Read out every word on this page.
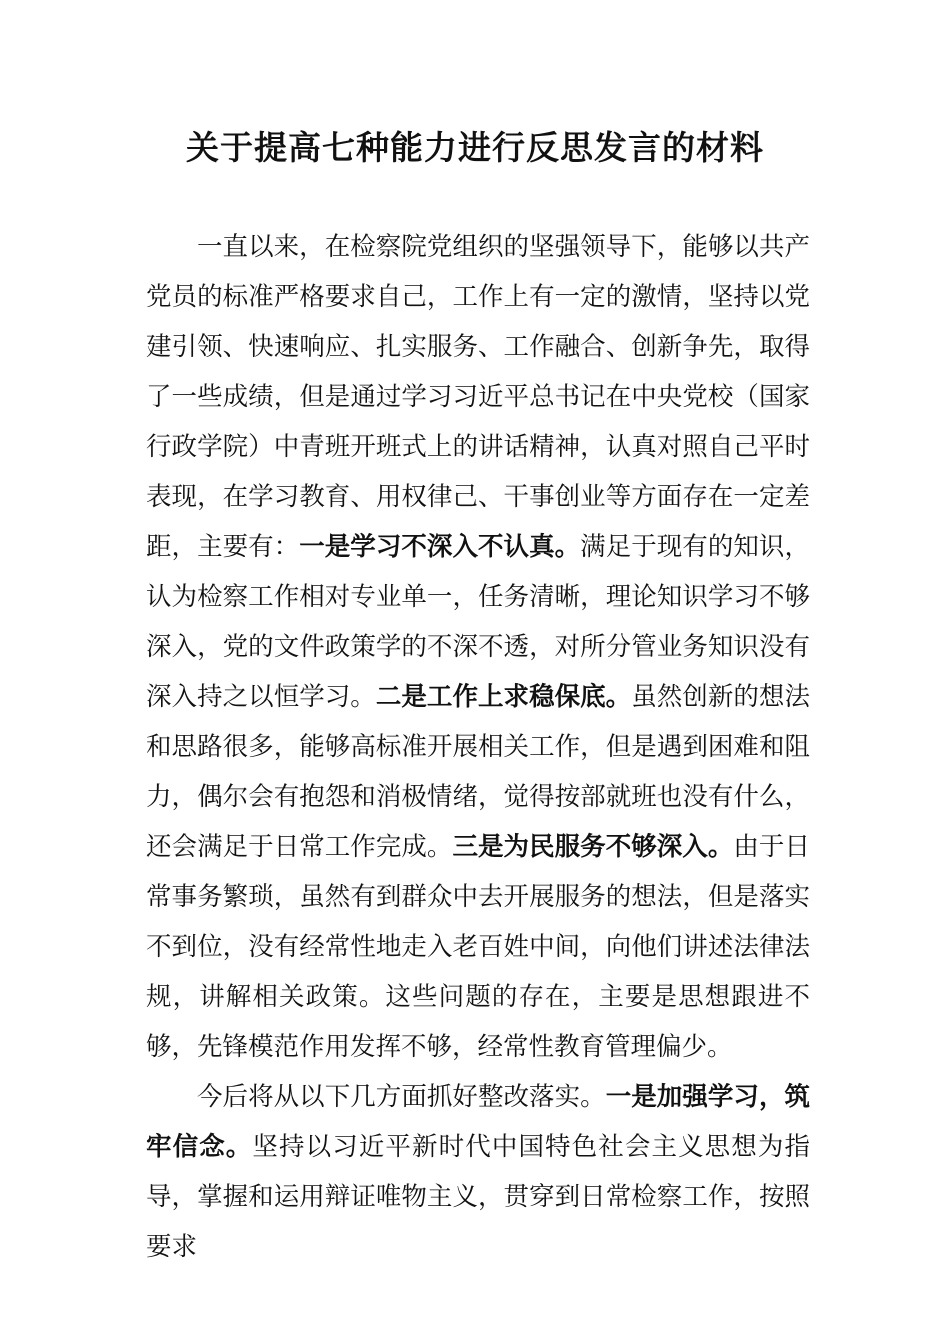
关于提高七种能力进行反思发言的材料

一直以来，在检察院党组织的坚强领导下，能够以共产党员的标准严格要求自己，工作上有一定的激情，坚持以党建引领、快速响应、扎实服务、工作融合、创新争先，取得了一些成绩，但是通过学习习近平总书记在中央党校（国家行政学院）中青班开班式上的讲话精神，认真对照自己平时表现，在学习教育、用权律己、干事创业等方面存在一定差距，主要有：一是学习不深入不认真。满足于现有的知识，认为检察工作相对专业单一，任务清晰，理论知识学习不够深入，党的文件政策学的不深不透，对所分管业务知识没有深入持之以恒学习。二是工作上求稳保底。虽然创新的想法和思路很多，能够高标准开展相关工作，但是遇到困难和阻力，偶尔会有抱怨和消极情绪，觉得按部就班也没有什么，还会满足于日常工作完成。三是为民服务不够深入。由于日常事务繁琐，虽然有到群众中去开展服务的想法，但是落实不到位，没有经常性地走入老百姓中间，向他们讲述法律法规，讲解相关政策。这些问题的存在，主要是思想跟进不够，先锋模范作用发挥不够，经常性教育管理偏少。

今后将从以下几方面抓好整改落实。一是加强学习，筑牢信念。坚持以习近平新时代中国特色社会主义思想为指导，掌握和运用辩证唯物主义，贯穿到日常检察工作，按照要求
